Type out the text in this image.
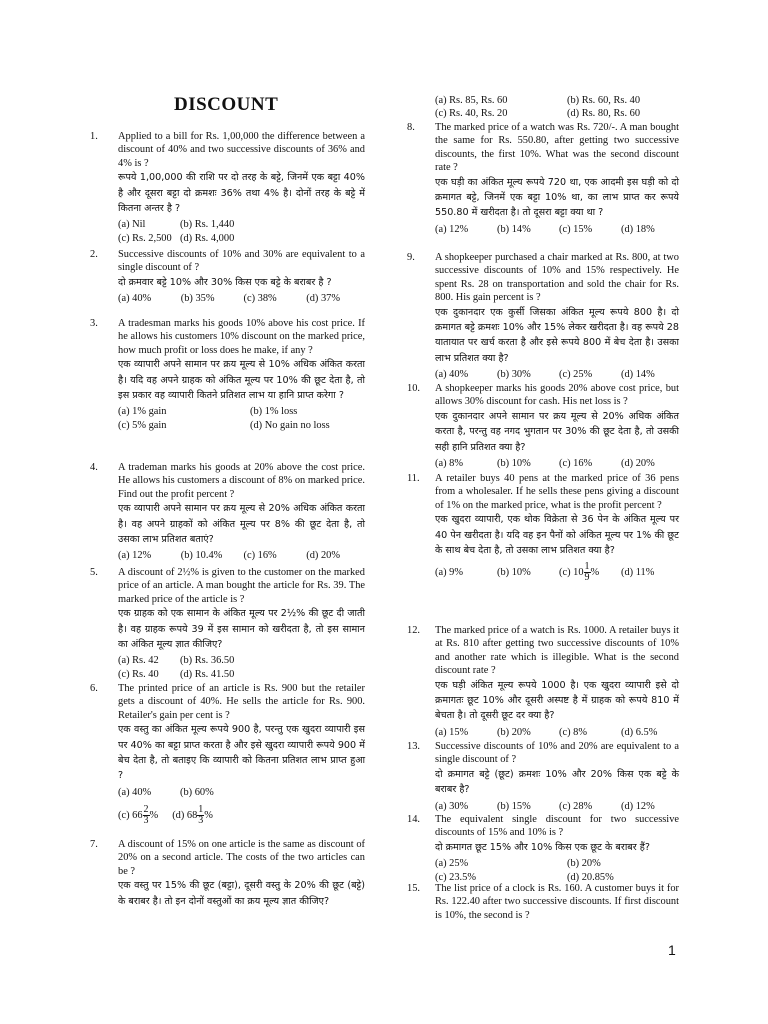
DISCOUNT
1.	Applied to a bill for Rs. 1,00,000 the difference between a discount of 40% and two successive discounts of 36% and 4% is ?
रूपये 1,00,000 की राशि पर दो तरह के बट्टे, जिनमें एक बट्टा 40% है और दूसरा बट्टा दो क्रमशः 36% तथा 4% है। दोनों तरह के बट्टे में कितना अन्तर है ?
(a) Nil	(b) Rs. 1,440
(c) Rs. 2,500 (d) Rs. 4,000
2.	Successive discounts of 10% and 30% are equivalent to a single discount of ?
दो क्रमवार बट्टे 10% और 30% किस एक बट्टे के बराबर है ?
(a) 40%	(b) 35%	(c) 38%	(d) 37%
3.	A tradesman marks his goods 10% above his cost price. If he allows his customers 10% discount on the marked price, how much profit or loss does he make, if any ?
एक व्यापारी अपने सामान पर क्रय मूल्य से 10% अधिक अंकित करता है। यदि वह अपने ग्राहक को अंकित मूल्य पर 10% की छूट देता है, तो इस प्रकार वह व्यापारी कितने प्रतिशत लाभ या हानि प्राप्त करेगा ?
(a) 1% gain	(b) 1% loss
(c) 5% gain	(d) No gain no loss
4.	A trademan marks his goods at 20% above the cost price. He allows his customers a discount of 8% on marked price. Find out the profit percent ?
एक व्यापारी अपने सामान पर क्रय मूल्य से 20% अधिक अंकित करता है। वह अपने ग्राहकों को अंकित मूल्य पर 8% की छूट देता है, तो उसका लाभ प्रतिशत बताएं?
(a) 12%	(b) 10.4%	(c) 16%	(d) 20%
5.	A discount of 2½% is given to the customer on the marked price of an article. A man bought the article for Rs. 39. The marked price of the article is ?
एक ग्राहक को एक सामान के अंकित मूल्य पर 2½% की छूट दी जाती है। वह ग्राहक रूपये 39 में इस सामान को खरीदता है, तो इस सामान का अंकित मूल्य ज्ञात कीजिए?
(a) Rs. 42	(b) Rs. 36.50
(c) Rs. 40	(d) Rs. 41.50
6.	The printed price of an article is Rs. 900 but the retailer gets a discount of 40%. He sells the article for Rs. 900. Retailer's gain per cent is ?
एक वस्तु का अंकित मूल्य रूपये 900 है, परन्तु एक खुदरा व्यापारी इस पर 40% का बट्टा प्राप्त करता है और इसे खुदरा व्यापारी रूपये 900 में बेच देता है, तो बताइए कि व्यापारी को कितना प्रतिशत लाभ प्राप्त हुआ ?
(a) 40%	(b) 60%
(c) $66 \frac{2}{3}$ % (d) $68 \frac{1}{3}$ %
7.	A discount of 15% on one article is the same as discount of 20% on a second article. The costs of the two articles can be ?
एक वस्तु पर 15% की छूट (बट्टा), दूसरी वस्तु के 20% की छूट (बट्टे) के बराबर है। तो इन दोनों वस्तुओं का क्रय मूल्य ज्ञात कीजिए?
(a) Rs. 85, Rs. 60	(b) Rs. 60, Rs. 40
(c) Rs. 40, Rs. 20	(d) Rs. 80, Rs. 60
8.	The marked price of a watch was Rs. 720/-. A man bought the same for Rs. 550.80, after getting two successive discounts, the first 10%. What was the second discount rate ?
एक घड़ी का अंकित मूल्य रूपये 720 था, एक आदमी इस घड़ी को दो क्रमागत बट्टे, जिनमें एक बट्टा 10% था, का लाभ प्राप्त कर रूपये 550.80 में खरीदता है। तो दूसरा बट्टा क्या था ?
(a) 12%	(b) 14%	(c) 15%	(d) 18%
9.	A shopkeeper purchased a chair marked at Rs. 800, at two successive discounts of 10% and 15% respectively. He spent Rs. 28 on transportation and sold the chair for Rs. 800. His gain percent is ?
एक दुकानदार एक कुर्सी जिसका अंकित मूल्य रूपये 800 है। दो क्रमागत बट्टे क्रमशः 10% और 15% लेकर खरीदता है। वह रूपये 28 यातायात पर खर्च करता है और इसे रूपये 800 में बेच देता है। उसका लाभ प्रतिशत क्या है?
(a) 40%	(b) 30%	(c) 25%	(d) 14%
10.	A shopkeeper marks his goods 20% above cost price, but allows 30% discount for cash. His net loss is ?
एक दुकानदार अपने सामान पर क्रय मूल्य से 20% अधिक अंकित करता है, परन्तु वह नगद भुगतान पर 30% की छूट देता है, तो उसकी सही हानि प्रतिशत क्या है?
(a) 8%	(b) 10%	(c) 16%	(d) 20%
11.	A retailer buys 40 pens at the marked price of 36 pens from a wholesaler. If he sells these pens giving a discount of 1% on the marked price, what is the profit percent ?
एक खुदरा व्यापारी, एक थोक विक्रेता से 36 पेन के अंकित मूल्य पर 40 पेन खरीदता है। यदि वह इन पैनों को अंकित मूल्य पर 1% की छूट के साथ बेच देता है, तो उसका लाभ प्रतिशत क्या है?
(a) 9%	(b) 10%	(c) $10 \frac{1}{9}$ %	(d) 11%
12.	The marked price of a watch is Rs. 1000. A retailer buys it at Rs. 810 after getting two successive discounts of 10% and another rate which is illegible. What is the second discount rate ?
एक घड़ी अंकित मूल्य रूपये 1000 है। एक खुदरा व्यापारी इसे दो क्रमागतः छूट 10% और दूसरी अस्पष्ट है में ग्राहक को रूपये 810 में बेचता है। तो दूसरी छूट दर क्या है?
(a) 15%	(b) 20%	(c) 8%	(d) 6.5%
13.	Successive discounts of 10% and 20% are equivalent to a single discount of ?
दो क्रमागत बट्टे (छूट) क्रमशः 10% और 20% किस एक बट्टे के बराबर है?
(a) 30%	(b) 15%	(c) 28%	(d) 12%
14.	The equivalent single discount for two successive discounts of 15% and 10% is ?
दो क्रमागत छूट 15% और 10% किस एक छूट के बराबर हैं?
(a) 25%	(b) 20%
(c) 23.5%	(d) 20.85%
15.	The list price of a clock is Rs. 160. A customer buys it for Rs. 122.40 after two successive discounts. If first discount is 10%, the second is ?
1
